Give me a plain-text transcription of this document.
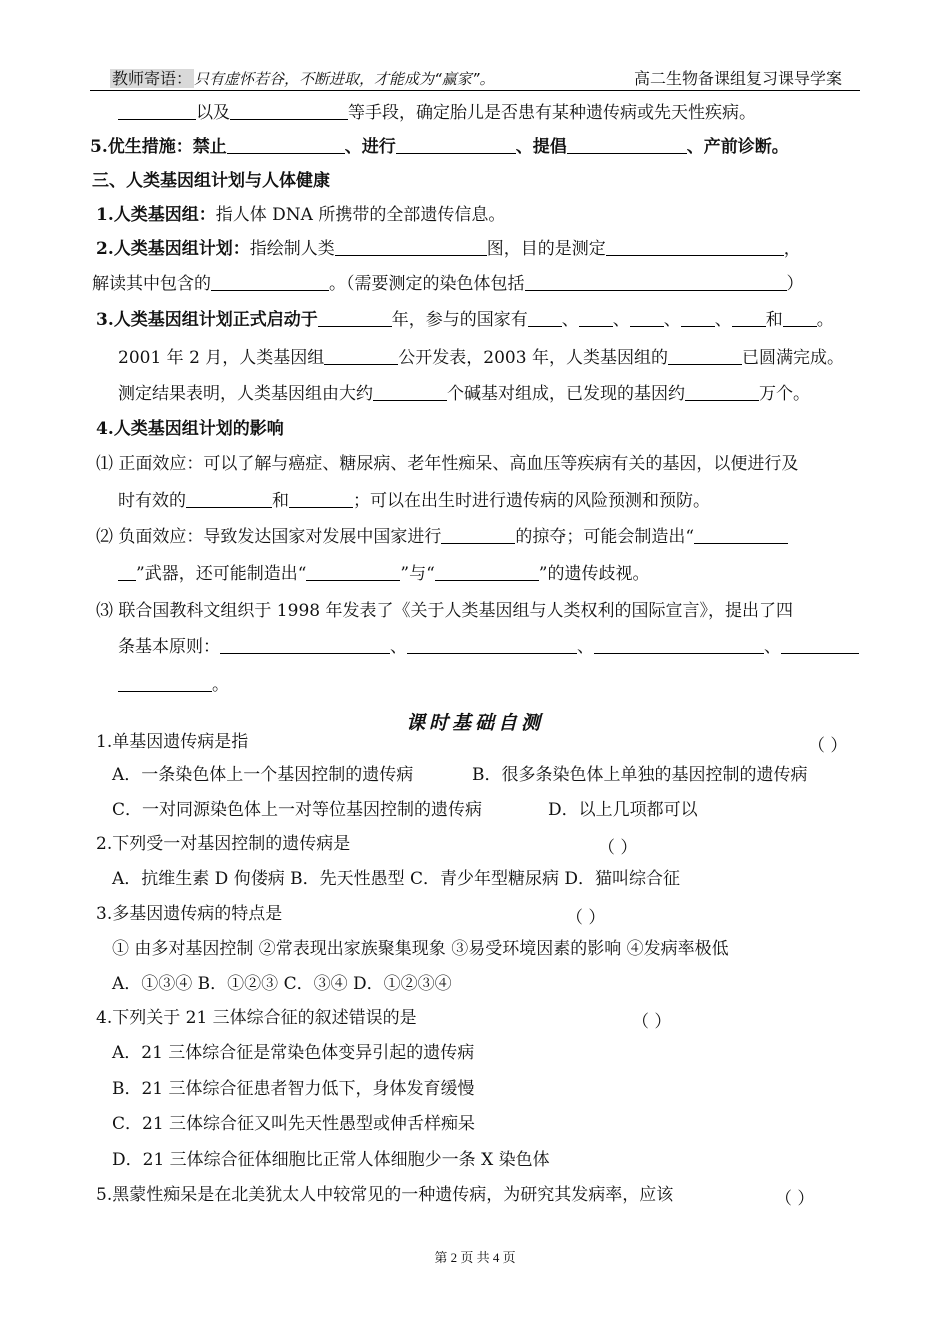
教师寄语： 只有虚怀若谷，不断进取，才能成为“赢家”。	高二生物备课组复习课导学案
以及	等手段，确定胎儿是否患有某种遗传病或先天性疾病。
5.优生措施：禁止	、进行	、提倡	、产前诊断。
三、人类基因组计划与人体健康
1.人类基因组：指人体 DNA 所携带的全部遗传信息。
2.人类基因组计划：指绘制人类	图，目的是测定	，
解读其中包含的	。（需要测定的染色体包括	）
3.人类基因组计划正式启动于	年，参与的国家有 、 、 、 、 和 。
2001 年 2 月，人类基因组	公开发表，2003 年，人类基因组的	已圆满完成。
测定结果表明，人类基因组由大约	个碱基对组成，已发现的基因约	万个。
4.人类基因组计划的影响
⑴ 正面效应：可以了解与癌症、糖尿病、老年性痴呆、高血压等疾病有关的基因，以便进行及
时有效的	和	；可以在出生时进行遗传病的风险预测和预防。
⑵ 负面效应：导致发达国家对发展中国家进行	的掠夺；可能会制造出“
”武器，还可能制造出“	”与“	”的遗传歧视。
⑶ 联合国教科文组织于 1998 年发表了《关于人类基因组与人类权利的国际宣言》，提出了四
条基本原则：	、	、	、
。
课时基础自测
1.单基因遗传病是指	（ ）
A．一条染色体上一个基因控制的遗传病	B．很多条染色体上单独的基因控制的遗传病
C．一对同源染色体上一对等位基因控制的遗传病	D．以上几项都可以
2.下列受一对基因控制的遗传病是	（ ）
A．抗维生素 D 佝偻病 B．先天性愚型 C．青少年型糖尿病 D．猫叫综合征
3.多基因遗传病的特点是	（ ）
① 由多对基因控制 ②常表现出家族聚集现象 ③易受环境因素的影响 ④发病率极低
A．①③④ B．①②③ C．③④ D．①②③④
4.下列关于 21 三体综合征的叙述错误的是	（ ）
A．21 三体综合征是常染色体变异引起的遗传病
B．21 三体综合征患者智力低下，身体发育缓慢
C．21 三体综合征又叫先天性愚型或伸舌样痴呆
D．21 三体综合征体细胞比正常人体细胞少一条 X 染色体
5.黑蒙性痴呆是在北美犹太人中较常见的一种遗传病，为研究其发病率，应该	（ ）
第 2 页 共 4 页
